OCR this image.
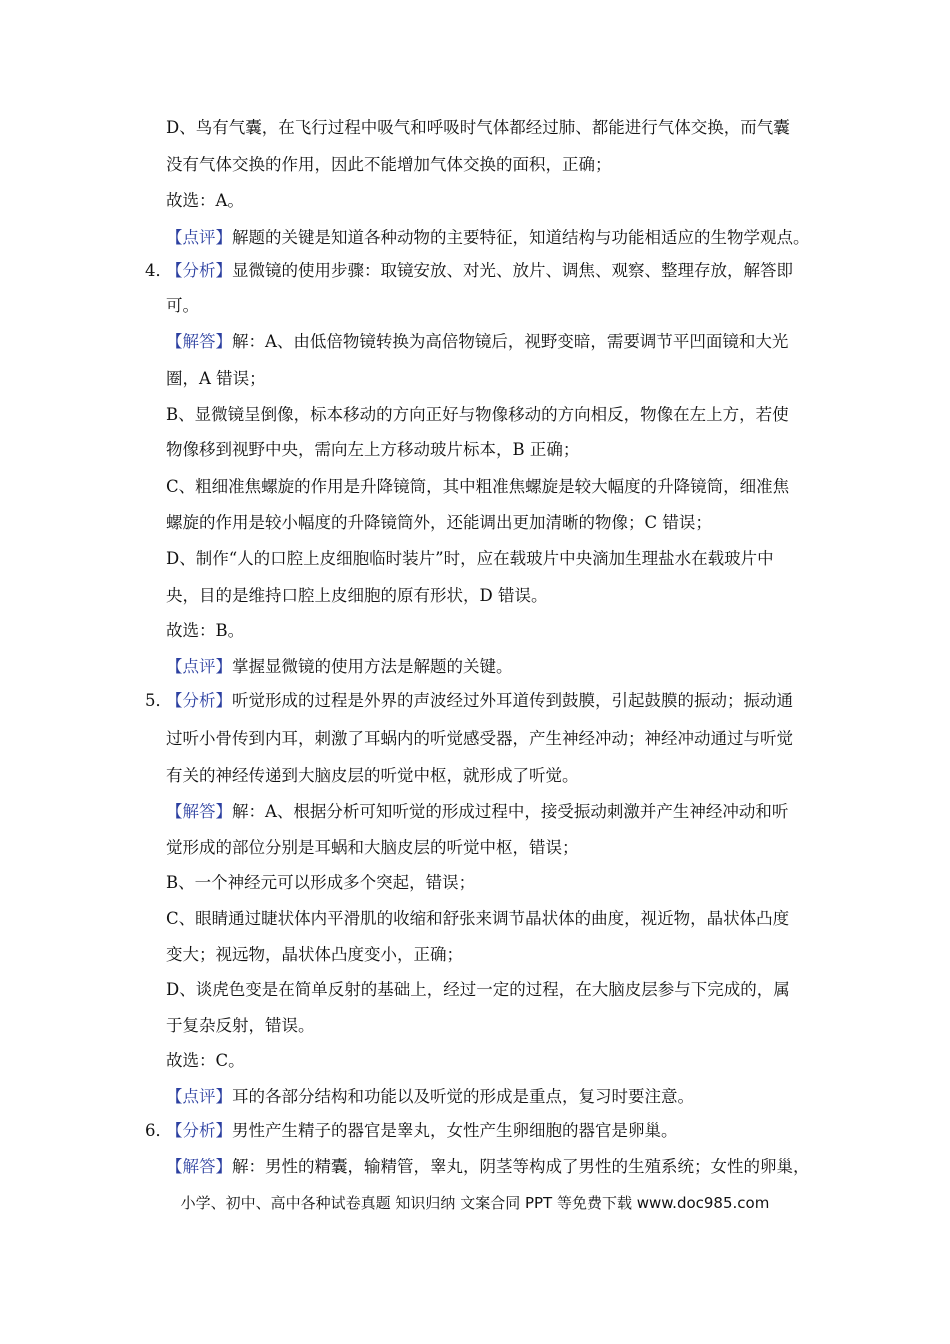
D、鸟有气囊，在飞行过程中吸气和呼吸时气体都经过肺、都能进行气体交换，而气囊
没有气体交换的作用，因此不能增加气体交换的面积，正确；
故选：A。
【点评】解题的关键是知道各种动物的主要特征，知道结构与功能相适应的生物学观点。
4．
【分析】显微镜的使用步骤：取镜安放、对光、放片、调焦、观察、整理存放，解答即
可。
【解答】解：A、由低倍物镜转换为高倍物镜后，视野变暗，需要调节平凹面镜和大光
圈，A 错误；
B、显微镜呈倒像，标本移动的方向正好与物像移动的方向相反，物像在左上方，若使
物像移到视野中央，需向左上方移动玻片标本，B 正确；
C、粗细准焦螺旋的作用是升降镜筒，其中粗准焦螺旋是较大幅度的升降镜筒，细准焦
螺旋的作用是较小幅度的升降镜筒外，还能调出更加清晰的物像；C 错误；
D、制作“人的口腔上皮细胞临时装片”时，应在载玻片中央滴加生理盐水在载玻片中
央，目的是维持口腔上皮细胞的原有形状，D 错误。
故选：B。
【点评】掌握显微镜的使用方法是解题的关键。
5．
【分析】听觉形成的过程是外界的声波经过外耳道传到鼓膜，引起鼓膜的振动；振动通
过听小骨传到内耳，刺激了耳蜗内的听觉感受器，产生神经冲动；神经冲动通过与听觉
有关的神经传递到大脑皮层的听觉中枢，就形成了听觉。
【解答】解：A、根据分析可知听觉的形成过程中，接受振动刺激并产生神经冲动和听
觉形成的部位分别是耳蜗和大脑皮层的听觉中枢，错误；
B、一个神经元可以形成多个突起，错误；
C、眼睛通过睫状体内平滑肌的收缩和舒张来调节晶状体的曲度，视近物，晶状体凸度
变大；视远物，晶状体凸度变小，正确；
D、谈虎色变是在简单反射的基础上，经过一定的过程，在大脑皮层参与下完成的，属
于复杂反射，错误。
故选：C。
【点评】耳的各部分结构和功能以及听觉的形成是重点，复习时要注意。
6．
【分析】男性产生精子的器官是睾丸，女性产生卵细胞的器官是卵巢。
【解答】解：男性的精囊，输精管，睾丸，阴茎等构成了男性的生殖系统；女性的卵巢，
小学、初中、高中各种试卷真题 知识归纳 文案合同 PPT 等免费下载 www.doc985.com
